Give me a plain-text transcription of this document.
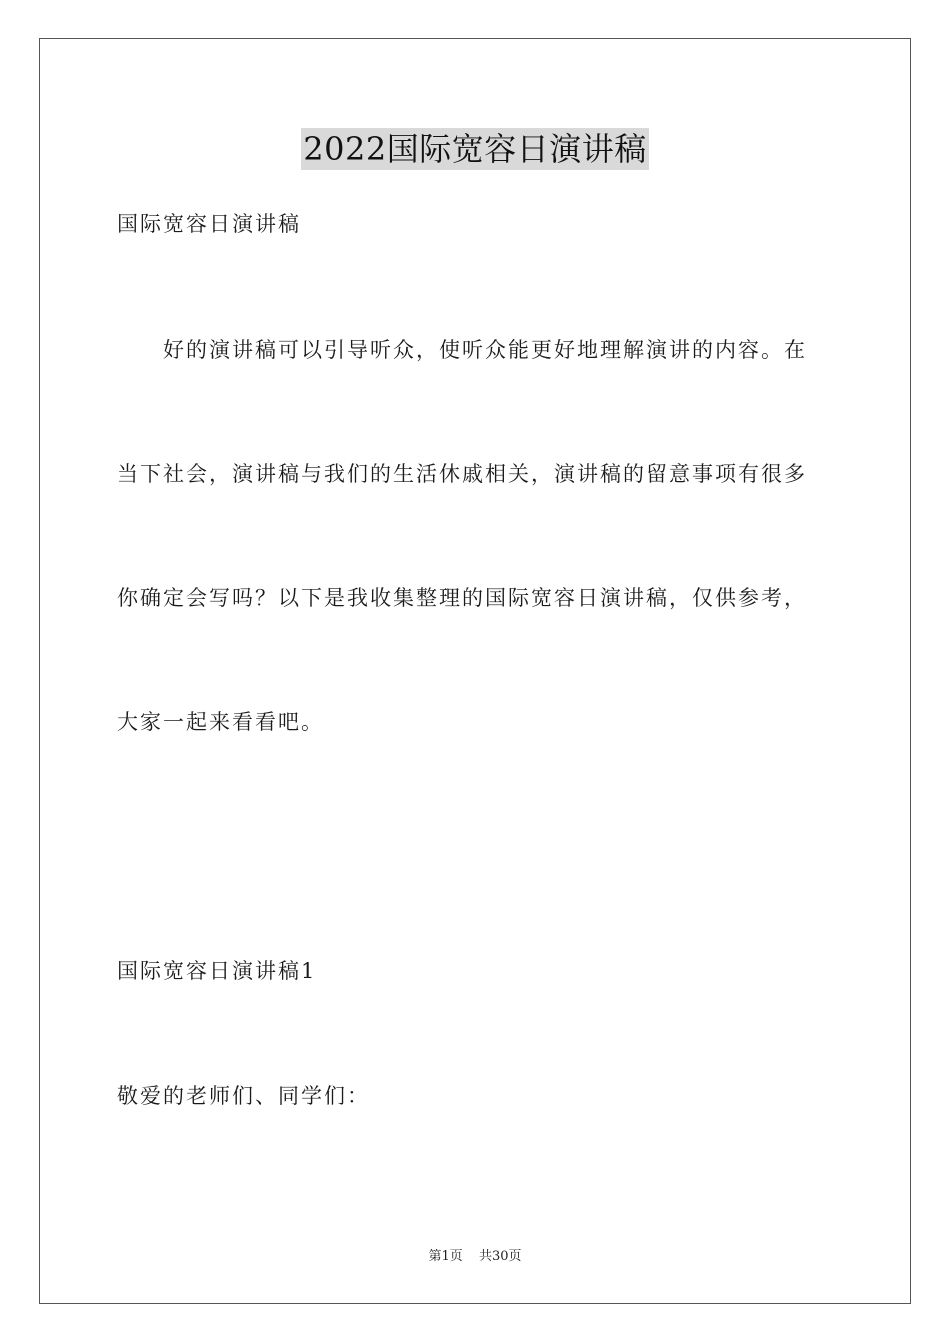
2022国际宽容日演讲稿
国际宽容日演讲稿
好的演讲稿可以引导听众，使听众能更好地理解演讲的内容。在
当下社会，演讲稿与我们的生活休戚相关，演讲稿的留意事项有很多
你确定会写吗？以下是我收集整理的国际宽容日演讲稿，仅供参考，
大家一起来看看吧。
国际宽容日演讲稿1
敬爱的老师们、同学们：
第1页 共30页
